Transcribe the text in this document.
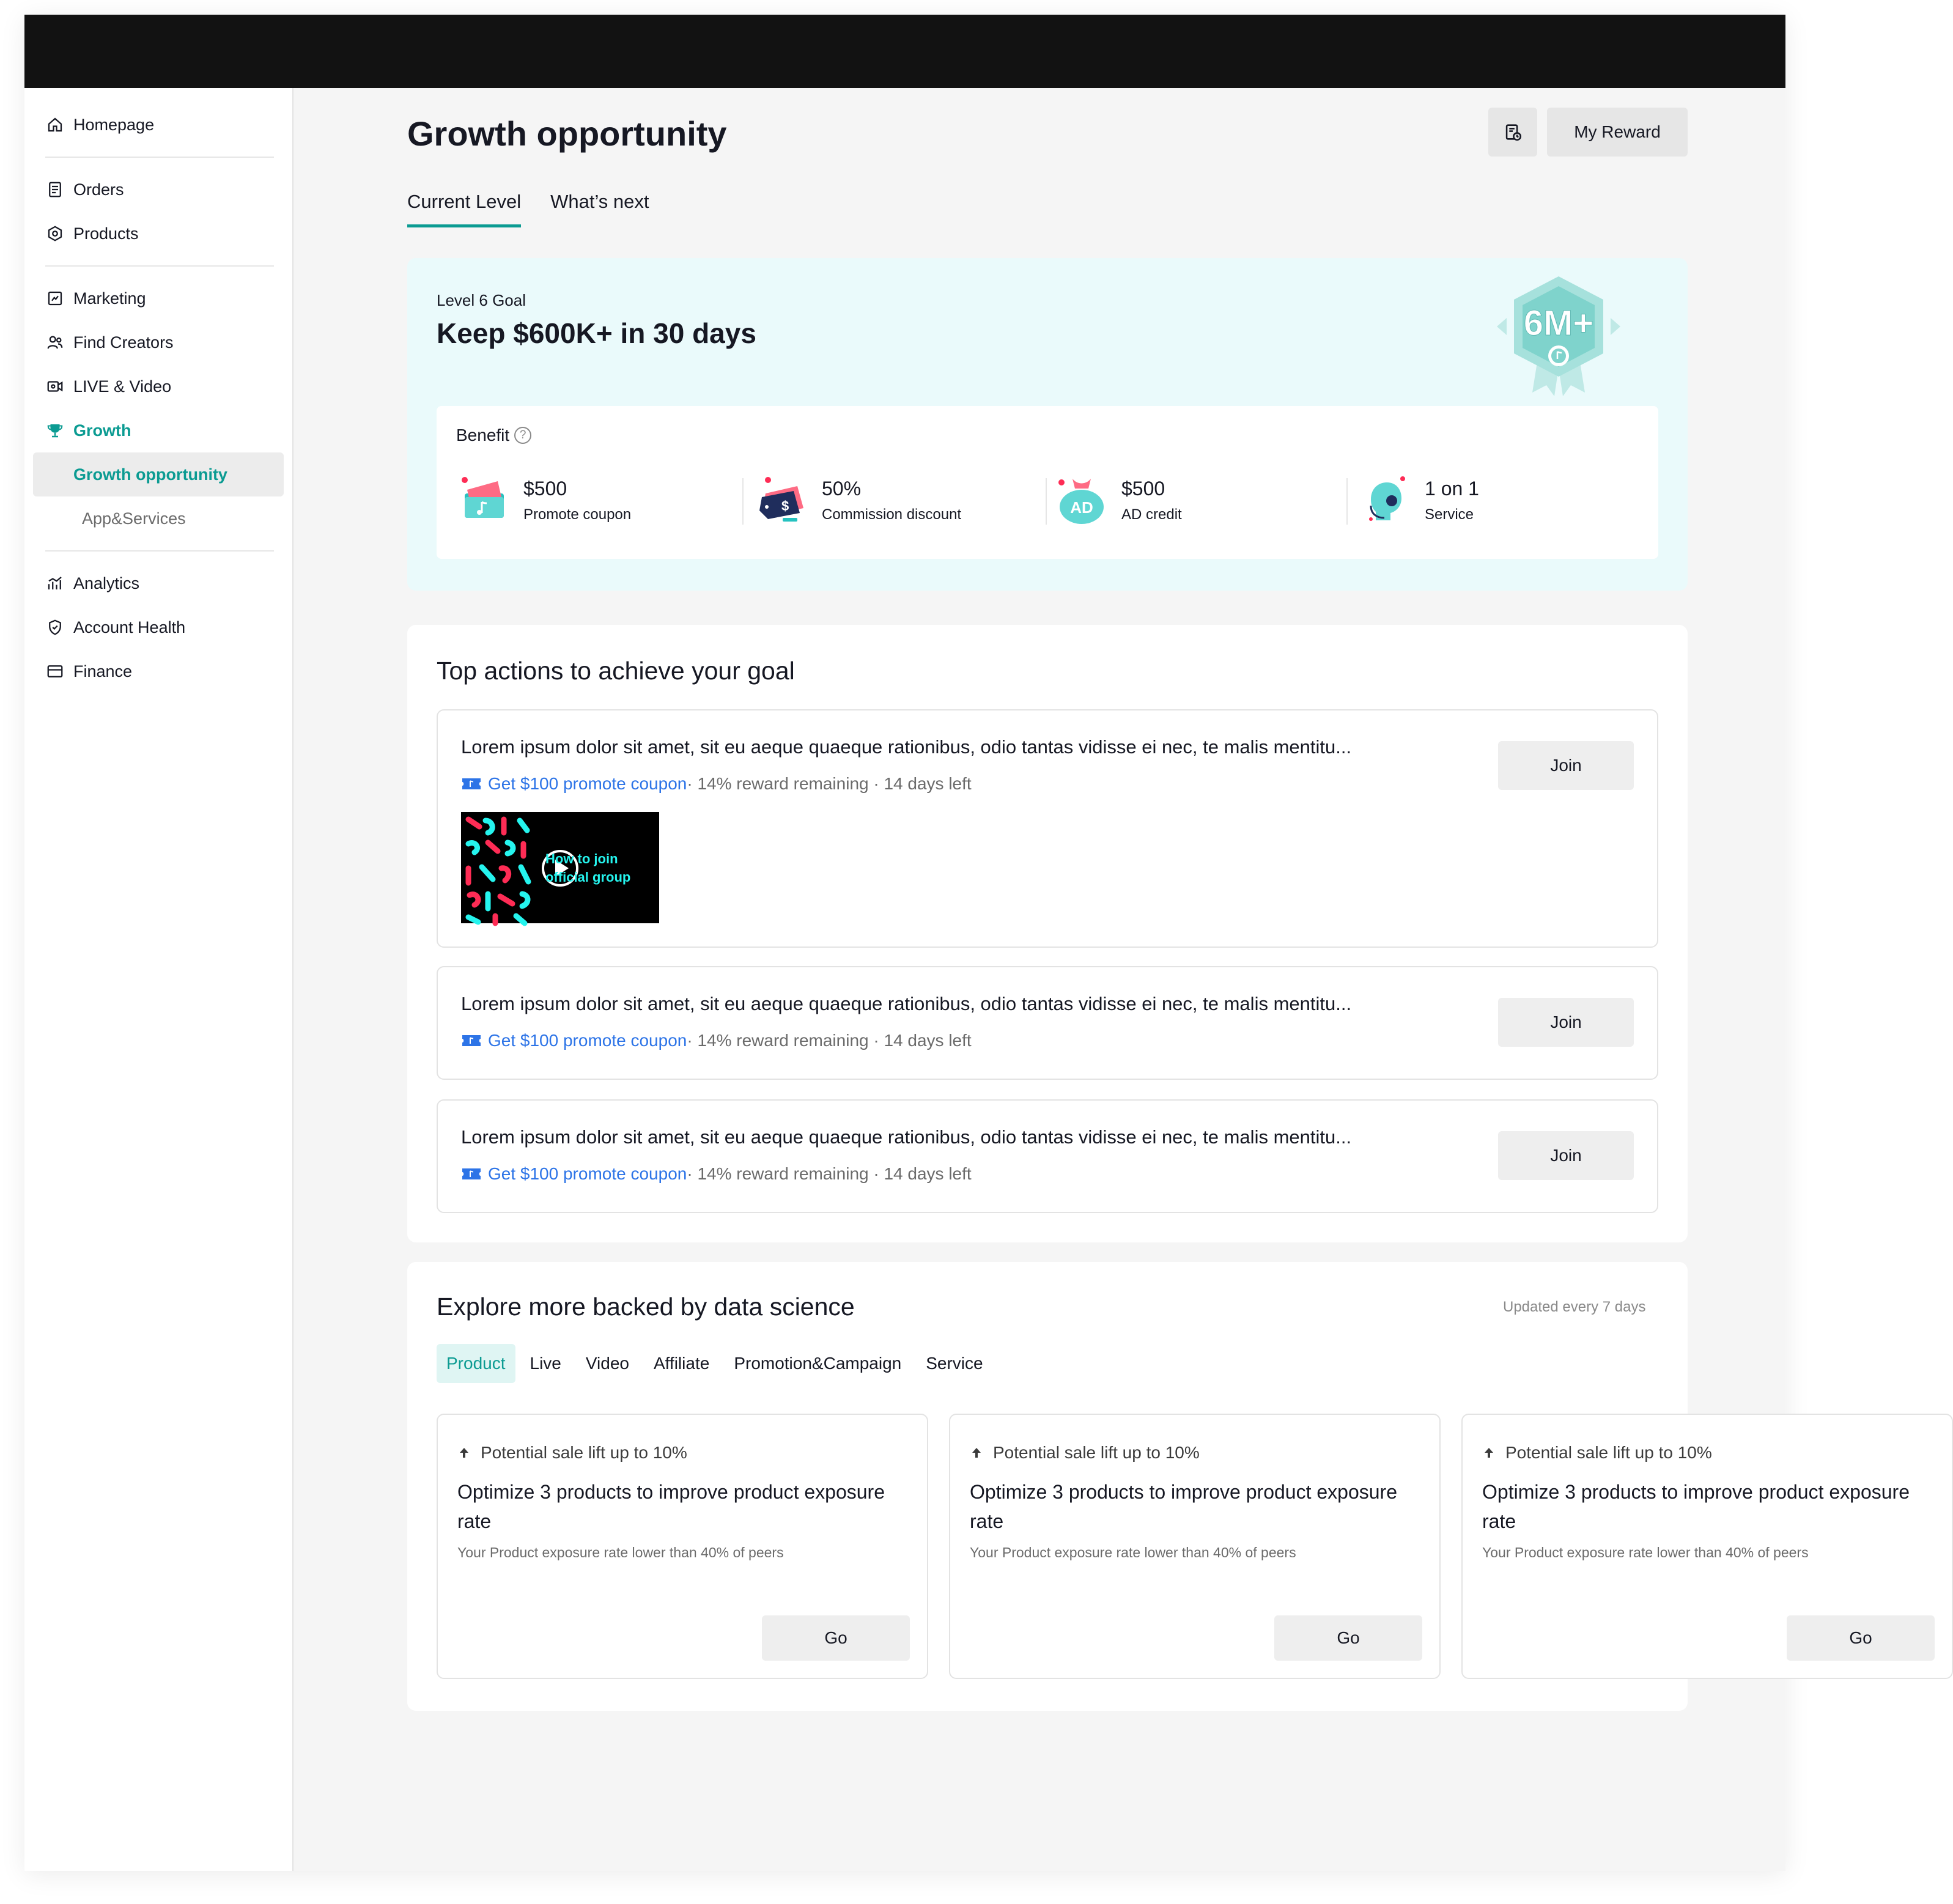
Homepage
Orders
Products
Marketing
Find Creators
LIVE & Video
Growth
Growth opportunity
App&Services
Analytics
Account Health
Finance
Growth opportunity	My Reward
Current Level What’s next
Level 6 Goal
Keep $600K+ in 30 days	6M+
Benefit ?
$500
Promote coupon	$
50%
Commission discount	AD
$500
AD credit
1 on 1
Service
Top actions to achieve your goal
Lorem ipsum dolor sit amet, sit eu aeque quaeque rationibus, odio tantas vidisse ei nec, te malis mentitu...
Get $100 promote coupon · 14% reward remaining · 14 days left
Join
How to join
official group
Lorem ipsum dolor sit amet, sit eu aeque quaeque rationibus, odio tantas vidisse ei nec, te malis mentitu...
Get $100 promote coupon · 14% reward remaining · 14 days left
Join
Lorem ipsum dolor sit amet, sit eu aeque quaeque rationibus, odio tantas vidisse ei nec, te malis mentitu...
Get $100 promote coupon · 14% reward remaining · 14 days left
Join
Explore more backed by data science	Updated every 7 days
Product	Live Video Affiliate Promotion&Campaign Service
Potential sale lift up to 10%
Optimize 3 products to improve product exposure rate
Your Product exposure rate lower than 40% of peers
Go
Potential sale lift up to 10%
Optimize 3 products to improve product exposure rate
Your Product exposure rate lower than 40% of peers
Go
Potential sale lift up to 10%
Optimize 3 products to improve product exposure rate
Your Product exposure rate lower than 40% of peers
Go
